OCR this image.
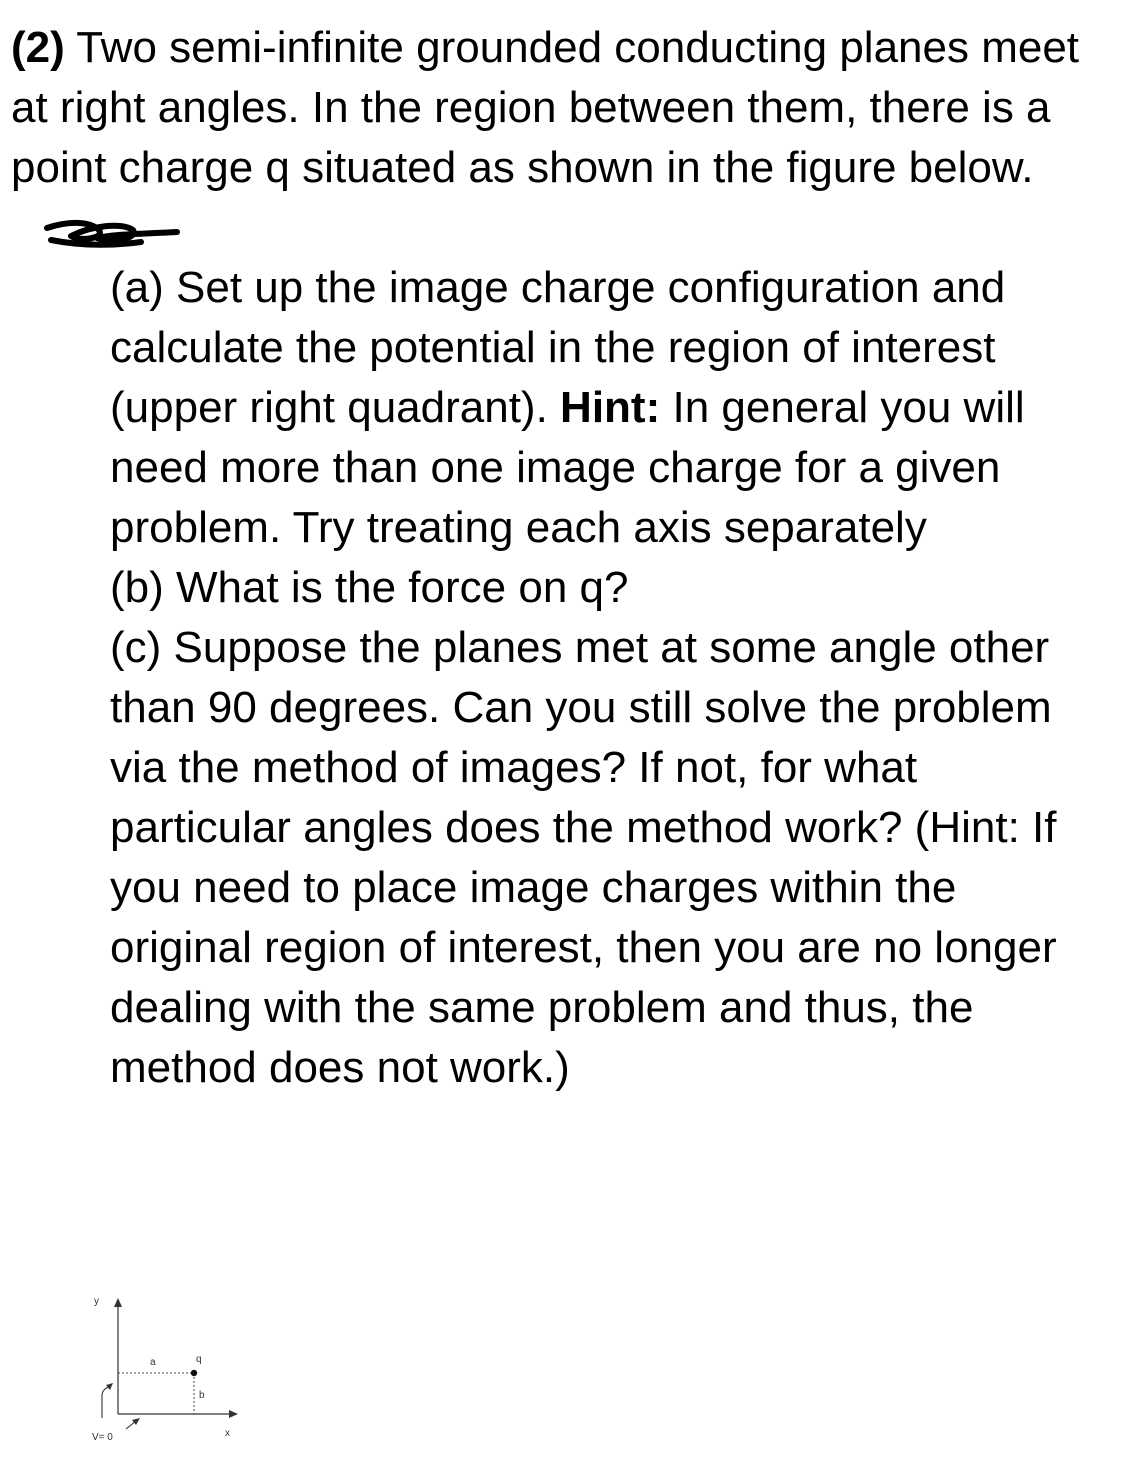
(2) Two semi-infinite grounded conducting planes meet at right angles. In the region between them, there is a point charge q situated as shown in the figure below.

(a) Set up the image charge configuration and calculate the potential in the region of interest (upper right quadrant). Hint: In general you will need more than one image charge for a given problem. Try treating each axis separately

(b) What is the force on q?

(c) Suppose the planes met at some angle other than 90 degrees. Can you still solve the problem via the method of images? If not, for what particular angles does the method work? (Hint: If you need to place image charges within the original region of interest, then you are no longer dealing with the same problem and thus, the method does not work.)

y
x
a
b
q
V= 0
